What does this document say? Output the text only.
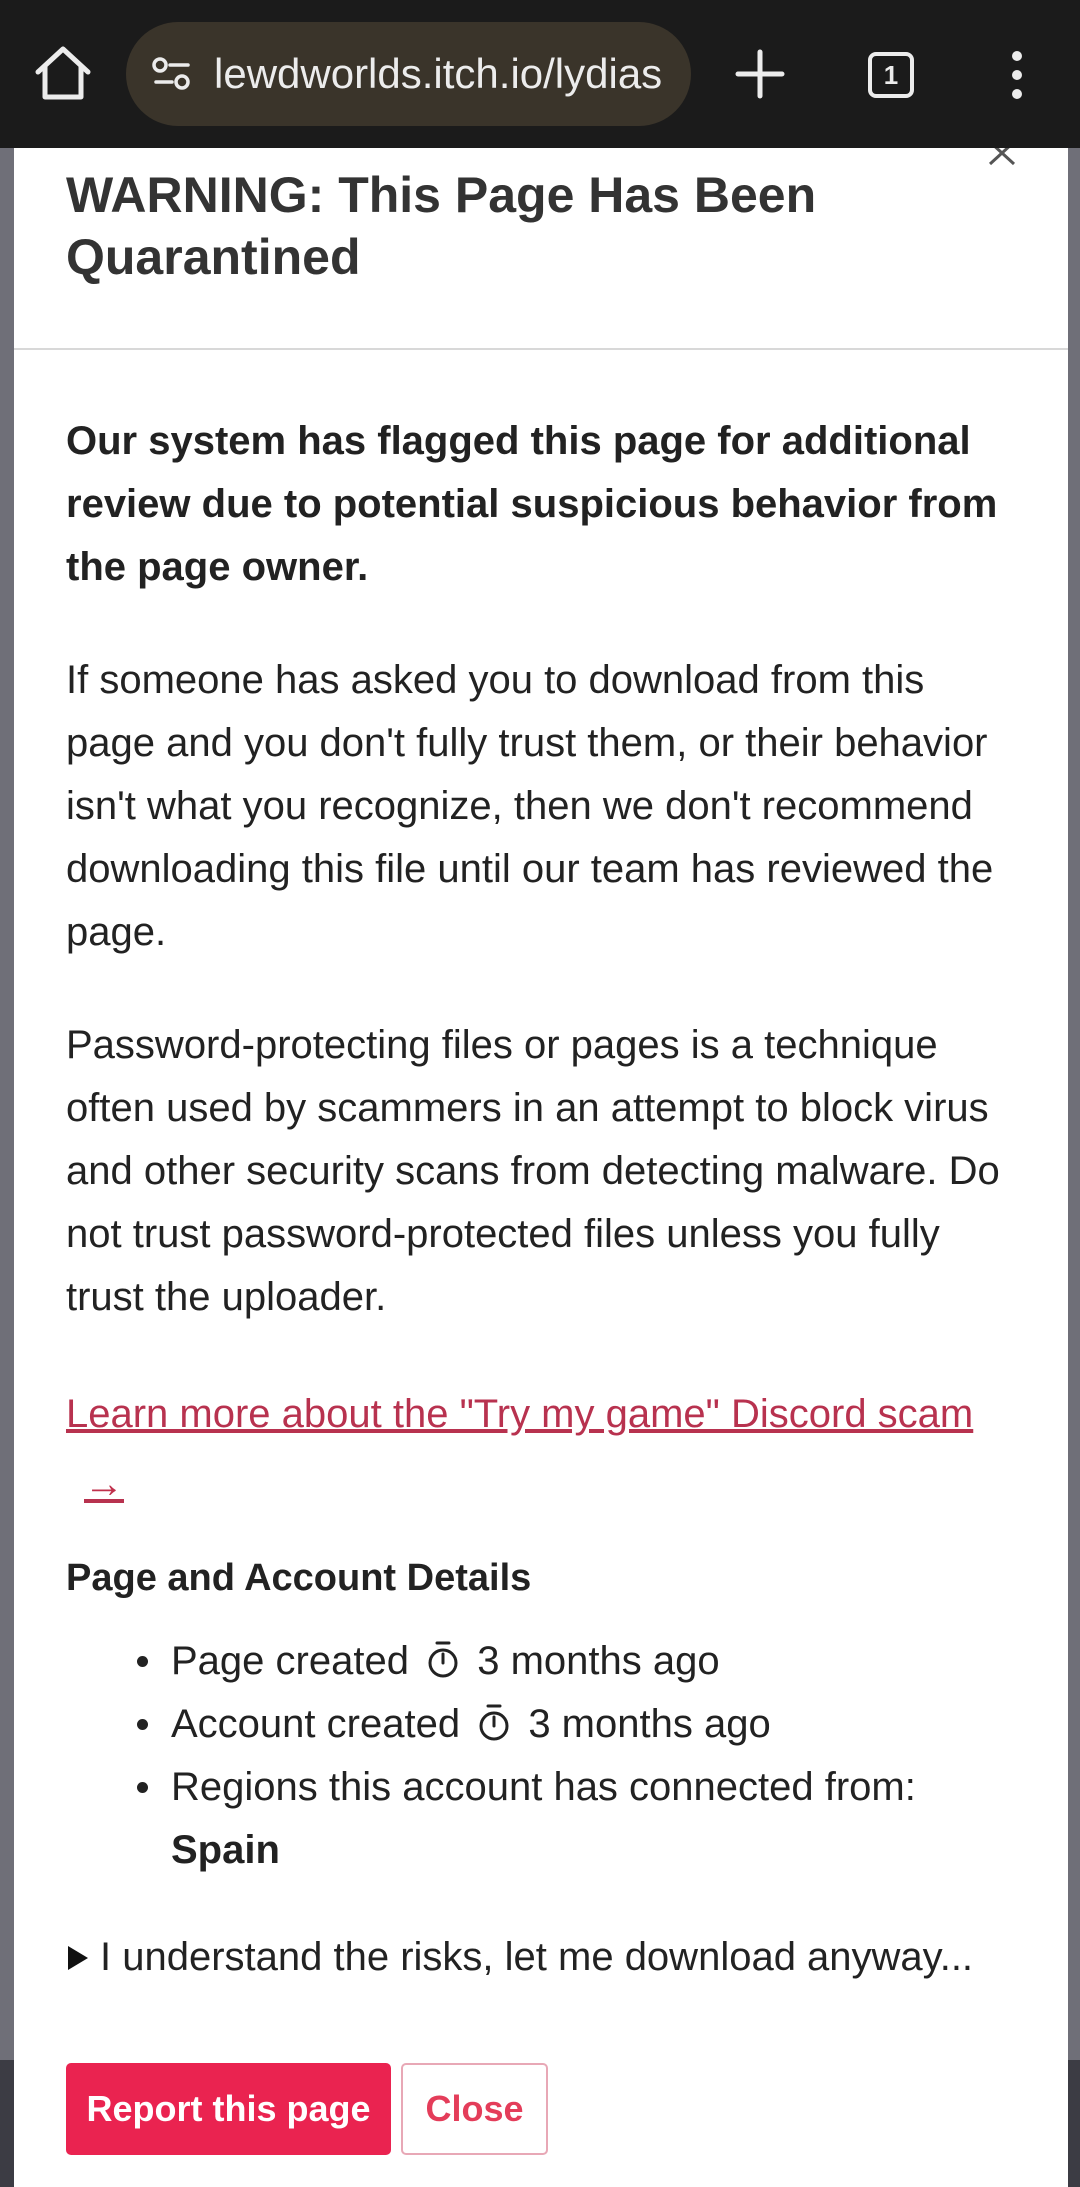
lewdworlds.itch.io/lydias	1
WARNING: This Page Has Been Quarantined

Our system has flagged this page for additional review due to potential suspicious behavior from the page owner.

If someone has asked you to download from this page and you don't fully trust them, or their behavior isn't what you recognize, then we don't recommend downloading this file until our team has reviewed the page.

Password-protecting files or pages is a technique often used by scammers in an attempt to block virus and other security scans from detecting malware. Do not trust password-protected files unless you fully trust the uploader.

Learn more about the "Try my game" Discord scam
→
Page and Account Details
Page created 3 months ago
Account created 3 months ago
Regions this account has connected from:
Spain
I understand the risks, let me download anyway...
Report this page	Close
